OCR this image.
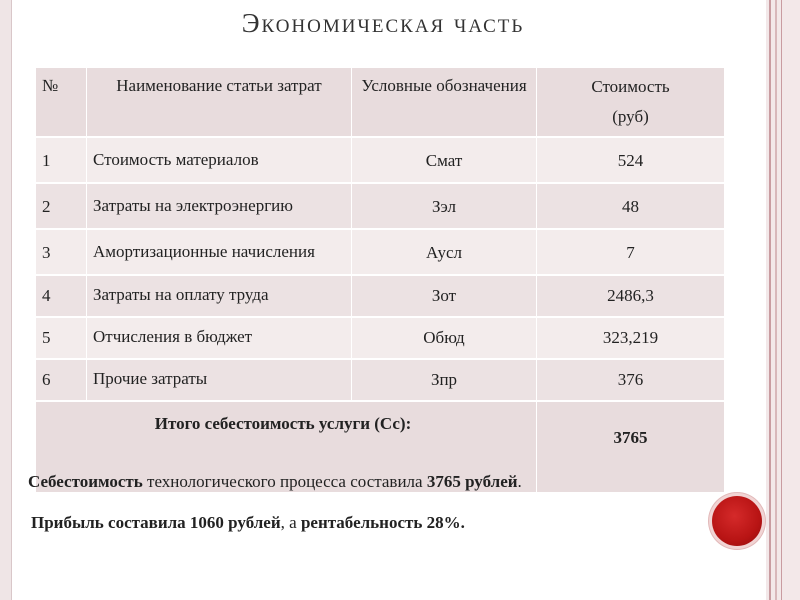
Экономическая часть
№	Наименование статьи затрат	Условные обозначения	Стоимость
(руб)

1	Стоимость материалов	Смат	524
2	Затраты на электроэнергию	Зэл	48
3	Амортизационные начисления	Аусл	7
4	Затраты на оплату труда	Зот	2486,3
5	Отчисления в бюджет	Обюд	323,219
6	Прочие затраты	Зпр	376
Итого себестоимость услуги (Сс):			3765
Себестоимость технологического процесса составила 3765 рублей.
Прибыль составила 1060 рублей, а рентабельность 28%.
